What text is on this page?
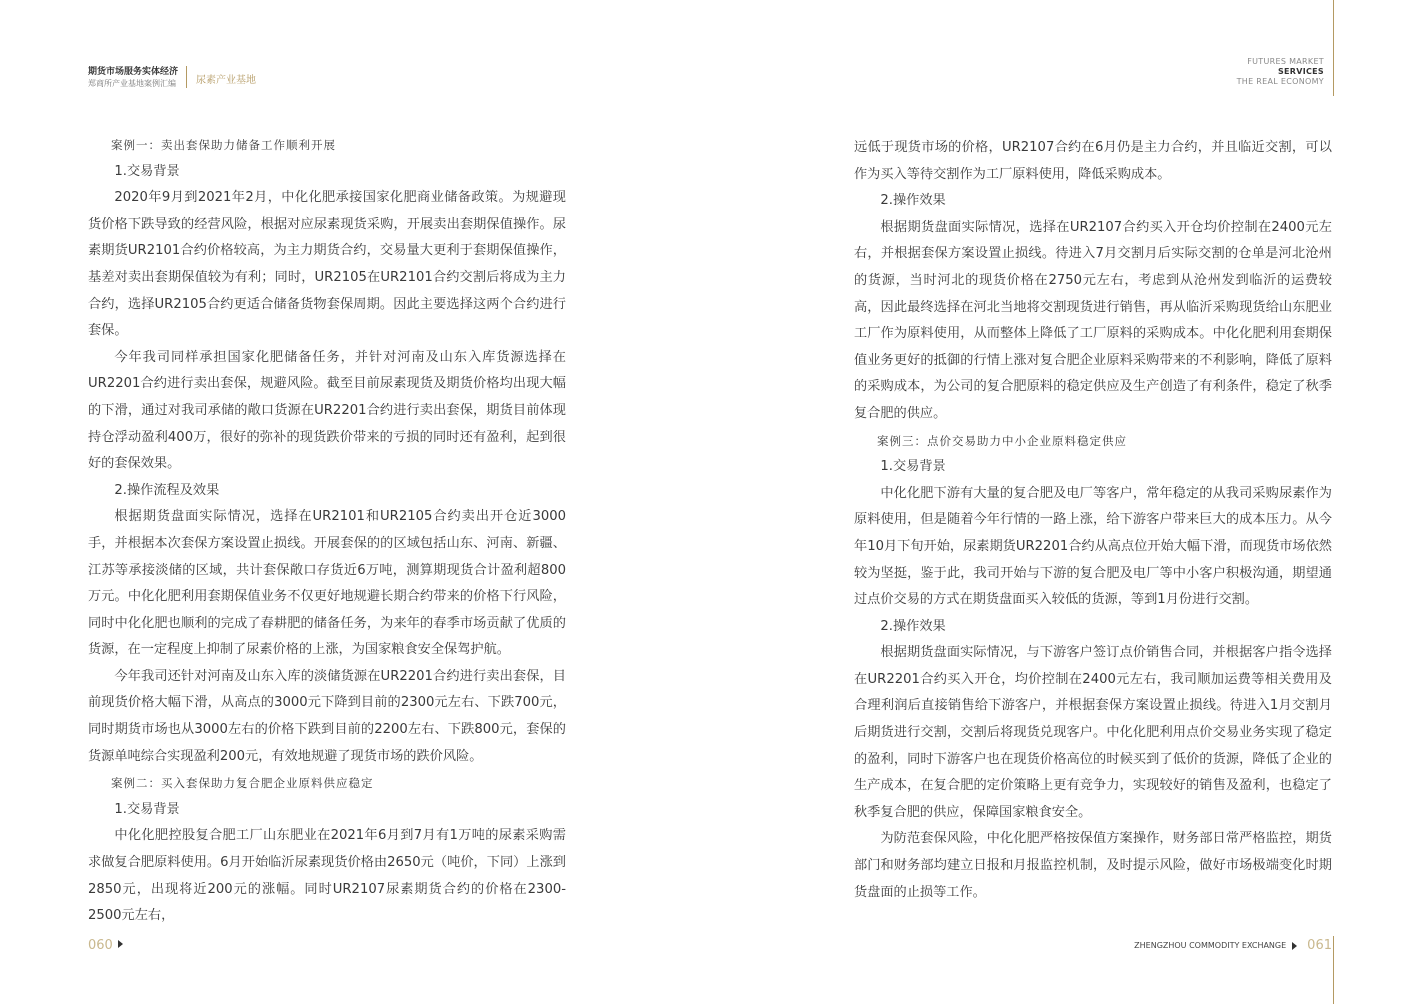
期货市场服务实体经济
郑商所产业基地案例汇编 尿素产业基地
FUTURES MARKET
SERVICES
THE REAL ECONOMY

案例一：卖出套保助力储备工作顺利开展

1.交易背景

2020年9月到2021年2月，中化化肥承接国家化肥商业储备政策。为规避现货价格下跌导致的经营风险，根据对应尿素现货采购，开展卖出套期保值操作。尿素期货UR2101合约价格较高，为主力期货合约，交易量大更利于套期保值操作，基差对卖出套期保值较为有利；同时，UR2105在UR2101合约交割后将成为主力合约，选择UR2105合约更适合储备货物套保周期。因此主要选择这两个合约进行套保。

今年我司同样承担国家化肥储备任务，并针对河南及山东入库货源选择在UR2201合约进行卖出套保，规避风险。截至目前尿素现货及期货价格均出现大幅的下滑，通过对我司承储的敞口货源在UR2201合约进行卖出套保，期货目前体现持仓浮动盈利400万，很好的弥补的现货跌价带来的亏损的同时还有盈利，起到很好的套保效果。

2.操作流程及效果

根据期货盘面实际情况，选择在UR2101和UR2105合约卖出开仓近3000手，并根据本次套保方案设置止损线。开展套保的的区域包括山东、河南、新疆、江苏等承接淡储的区域，共计套保敞口存货近6万吨，测算期现货合计盈利超800万元。中化化肥利用套期保值业务不仅更好地规避长期合约带来的价格下行风险，同时中化化肥也顺利的完成了春耕肥的储备任务，为来年的春季市场贡献了优质的货源，在一定程度上抑制了尿素价格的上涨，为国家粮食安全保驾护航。

今年我司还针对河南及山东入库的淡储货源在UR2201合约进行卖出套保，目前现货价格大幅下滑，从高点的3000元下降到目前的2300元左右、下跌700元，同时期货市场也从3000左右的价格下跌到目前的2200左右、下跌800元，套保的货源单吨综合实现盈利200元，有效地规避了现货市场的跌价风险。

案例二：买入套保助力复合肥企业原料供应稳定

1.交易背景

中化化肥控股复合肥工厂山东肥业在2021年6月到7月有1万吨的尿素采购需求做复合肥原料使用。6月开始临沂尿素现货价格由2650元（吨价，下同）上涨到2850元，出现将近200元的涨幅。同时UR2107尿素期货合约的价格在2300-2500元左右，

远低于现货市场的价格，UR2107合约在6月仍是主力合约，并且临近交割，可以作为买入等待交割作为工厂原料使用，降低采购成本。

2.操作效果

根据期货盘面实际情况，选择在UR2107合约买入开仓均价控制在2400元左右，并根据套保方案设置止损线。待进入7月交割月后实际交割的仓单是河北沧州的货源，当时河北的现货价格在2750元左右，考虑到从沧州发到临沂的运费较高，因此最终选择在河北当地将交割现货进行销售，再从临沂采购现货给山东肥业工厂作为原料使用，从而整体上降低了工厂原料的采购成本。中化化肥利用套期保值业务更好的抵御的行情上涨对复合肥企业原料采购带来的不利影响，降低了原料的采购成本，为公司的复合肥原料的稳定供应及生产创造了有利条件，稳定了秋季复合肥的供应。

案例三：点价交易助力中小企业原料稳定供应

1.交易背景

中化化肥下游有大量的复合肥及电厂等客户，常年稳定的从我司采购尿素作为原料使用，但是随着今年行情的一路上涨，给下游客户带来巨大的成本压力。从今年10月下旬开始，尿素期货UR2201合约从高点位开始大幅下滑，而现货市场依然较为坚挺，鉴于此，我司开始与下游的复合肥及电厂等中小客户积极沟通，期望通过点价交易的方式在期货盘面买入较低的货源，等到1月份进行交割。

2.操作效果

根据期货盘面实际情况，与下游客户签订点价销售合同，并根据客户指令选择在UR2201合约买入开仓，均价控制在2400元左右，我司顺加运费等相关费用及合理利润后直接销售给下游客户，并根据套保方案设置止损线。待进入1月交割月后期货进行交割，交割后将现货兑现客户。中化化肥利用点价交易业务实现了稳定的盈利，同时下游客户也在现货价格高位的时候买到了低价的货源，降低了企业的生产成本，在复合肥的定价策略上更有竞争力，实现较好的销售及盈利，也稳定了秋季复合肥的供应，保障国家粮食安全。

为防范套保风险，中化化肥严格按保值方案操作，财务部日常严格监控，期货部门和财务部均建立日报和月报监控机制，及时提示风险，做好市场极端变化时期货盘面的止损等工作。

060	ZHENGZHOU COMMODITY EXCHANGE 061
